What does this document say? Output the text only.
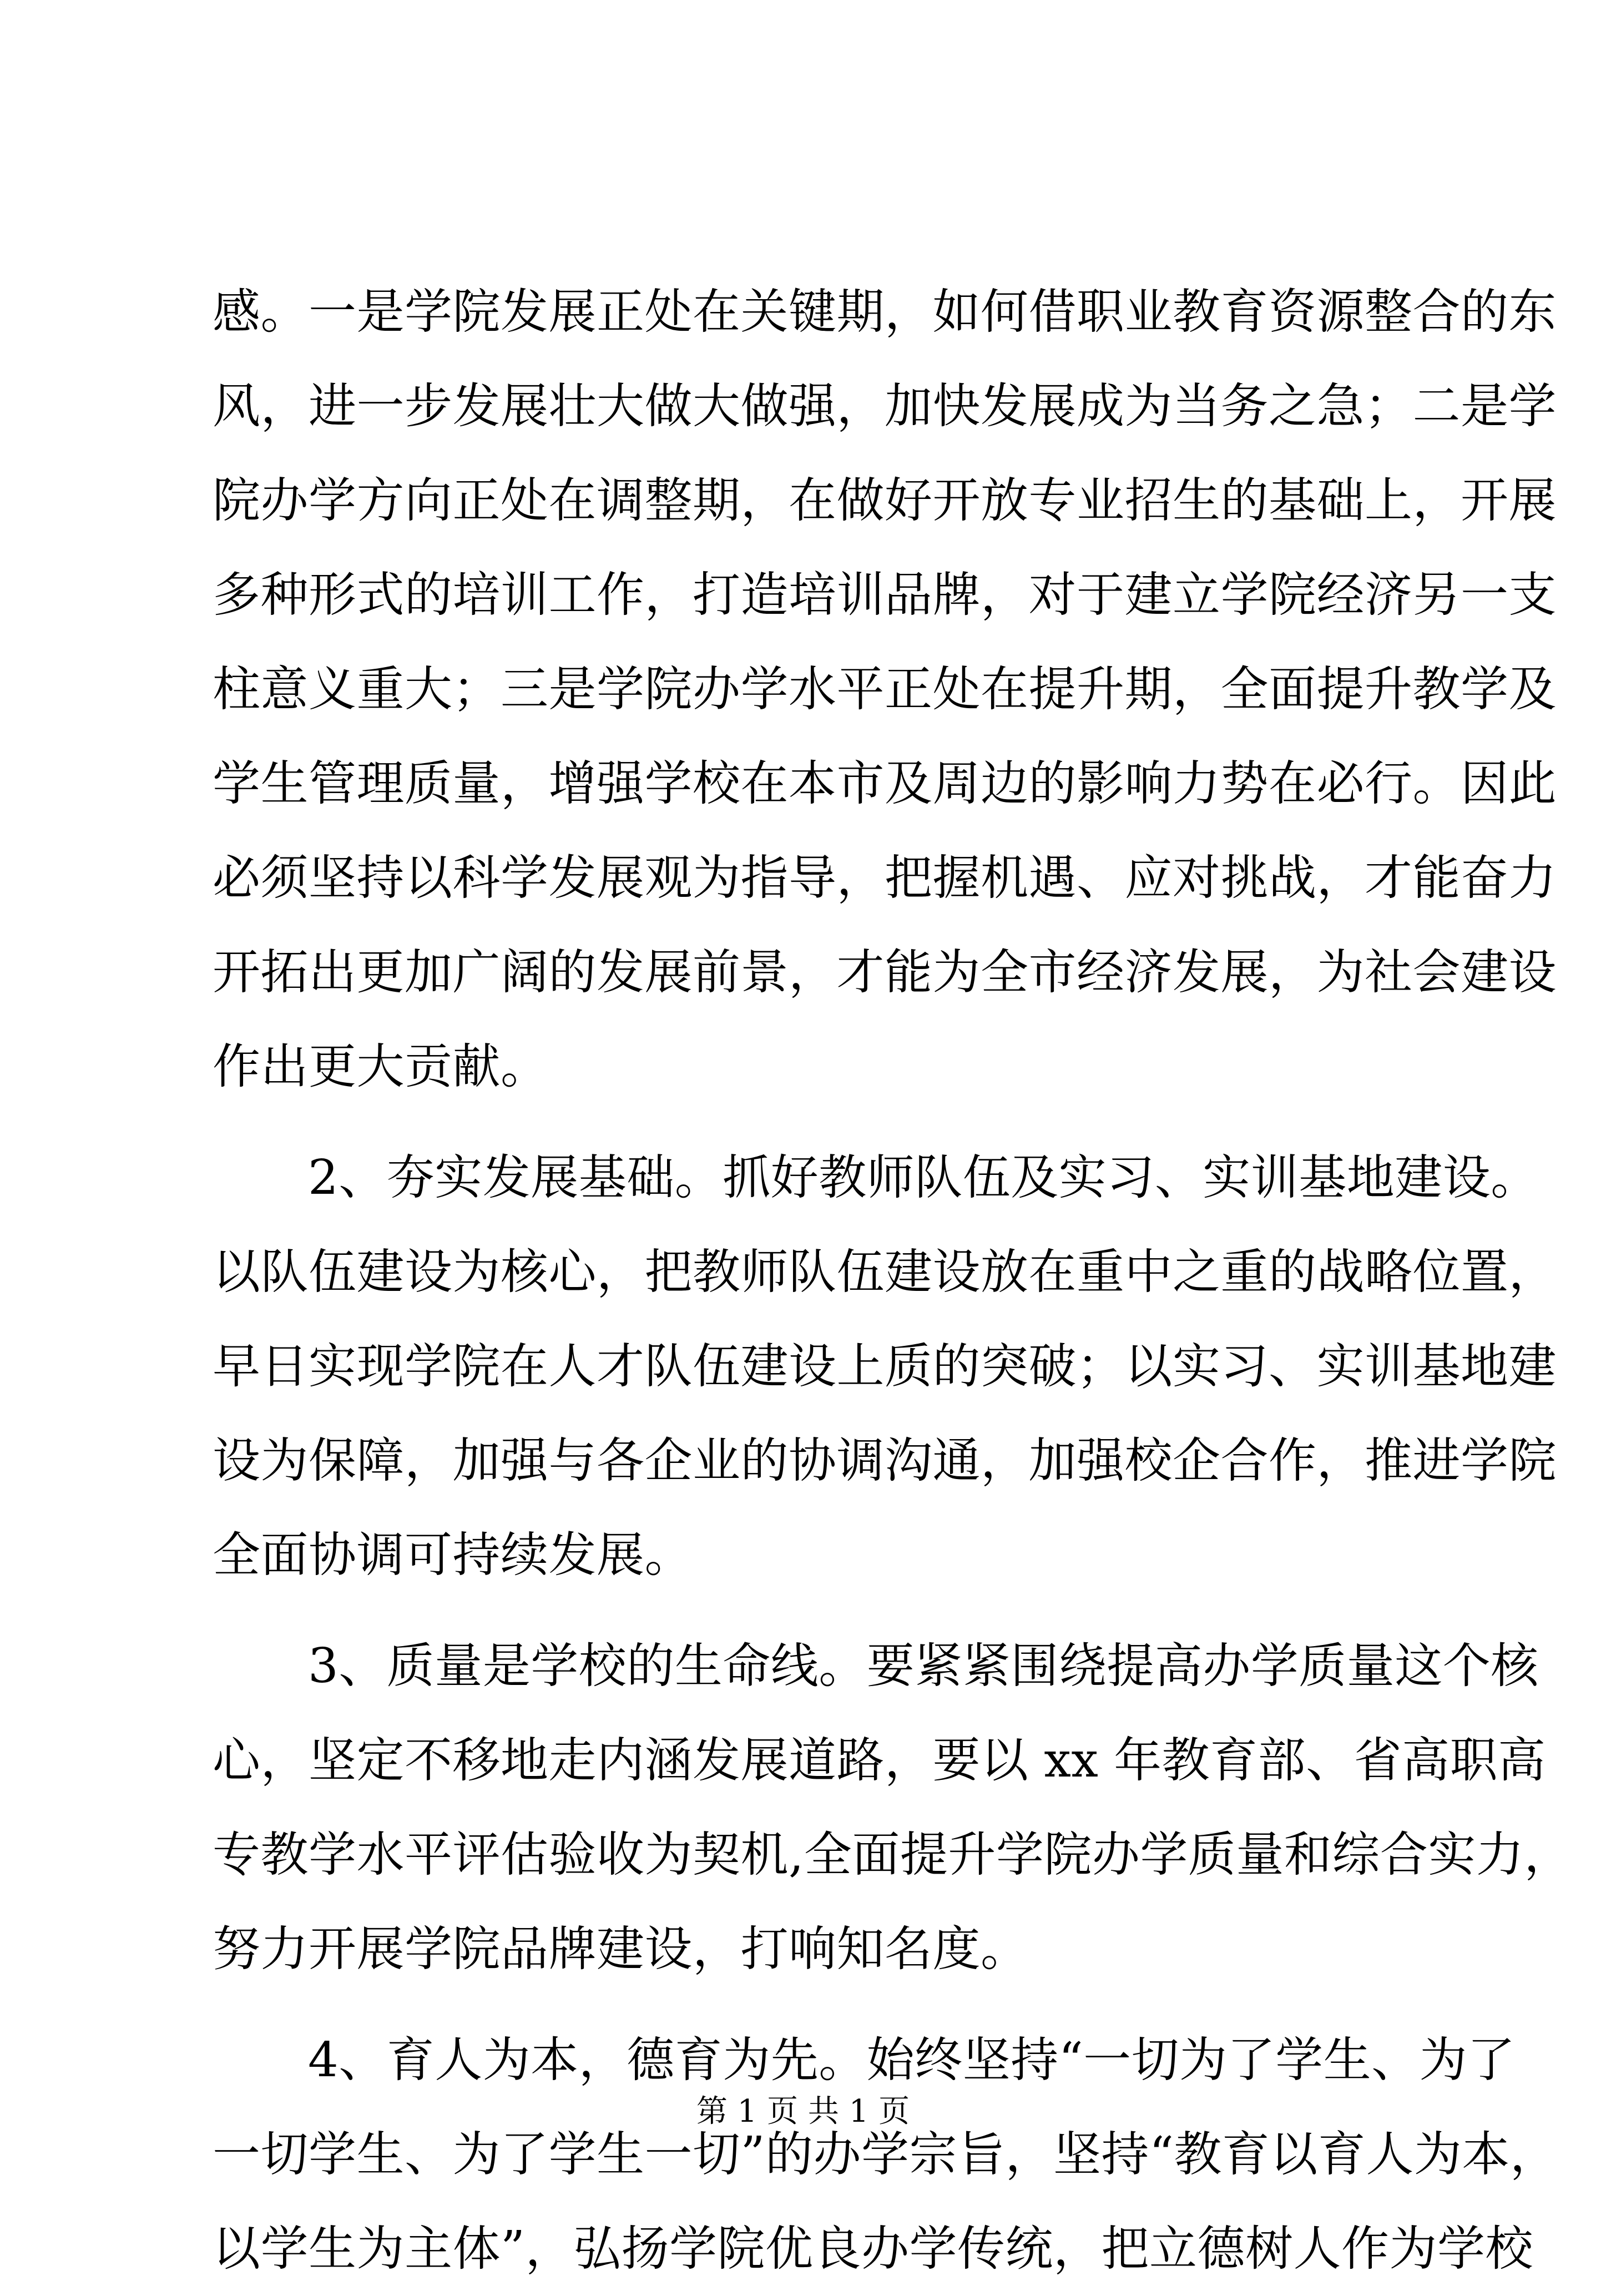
感。一是学院发展正处在关键期，如何借职业教育资源整合的东
风，进一步发展壮大做大做强，加快发展成为当务之急；二是学
院办学方向正处在调整期，在做好开放专业招生的基础上，开展
多种形式的培训工作，打造培训品牌，对于建立学院经济另一支
柱意义重大；三是学院办学水平正处在提升期，全面提升教学及
学生管理质量，增强学校在本市及周边的影响力势在必行。因此
必须坚持以科学发展观为指导，把握机遇、应对挑战，才能奋力
开拓出更加广阔的发展前景，才能为全市经济发展，为社会建设
作出更大贡献。
2、夯实发展基础。抓好教师队伍及实习、实训基地建设。
以队伍建设为核心，把教师队伍建设放在重中之重的战略位置，
早日实现学院在人才队伍建设上质的突破；以实习、实训基地建
设为保障，加强与各企业的协调沟通，加强校企合作，推进学院
全面协调可持续发展。
3、质量是学校的生命线。要紧紧围绕提高办学质量这个核
心，坚定不移地走内涵发展道路，要以 xx 年教育部、省高职高
专教学水平评估验收为契机,全面提升学院办学质量和综合实力，
努力开展学院品牌建设，打响知名度。
4、育人为本，德育为先。始终坚持“一切为了学生、为了
一切学生、为了学生一切”的办学宗旨，坚持“教育以育人为本，
以学生为主体”，弘扬学院优良办学传统，把立德树人作为学校
第 1 页 共 1 页
